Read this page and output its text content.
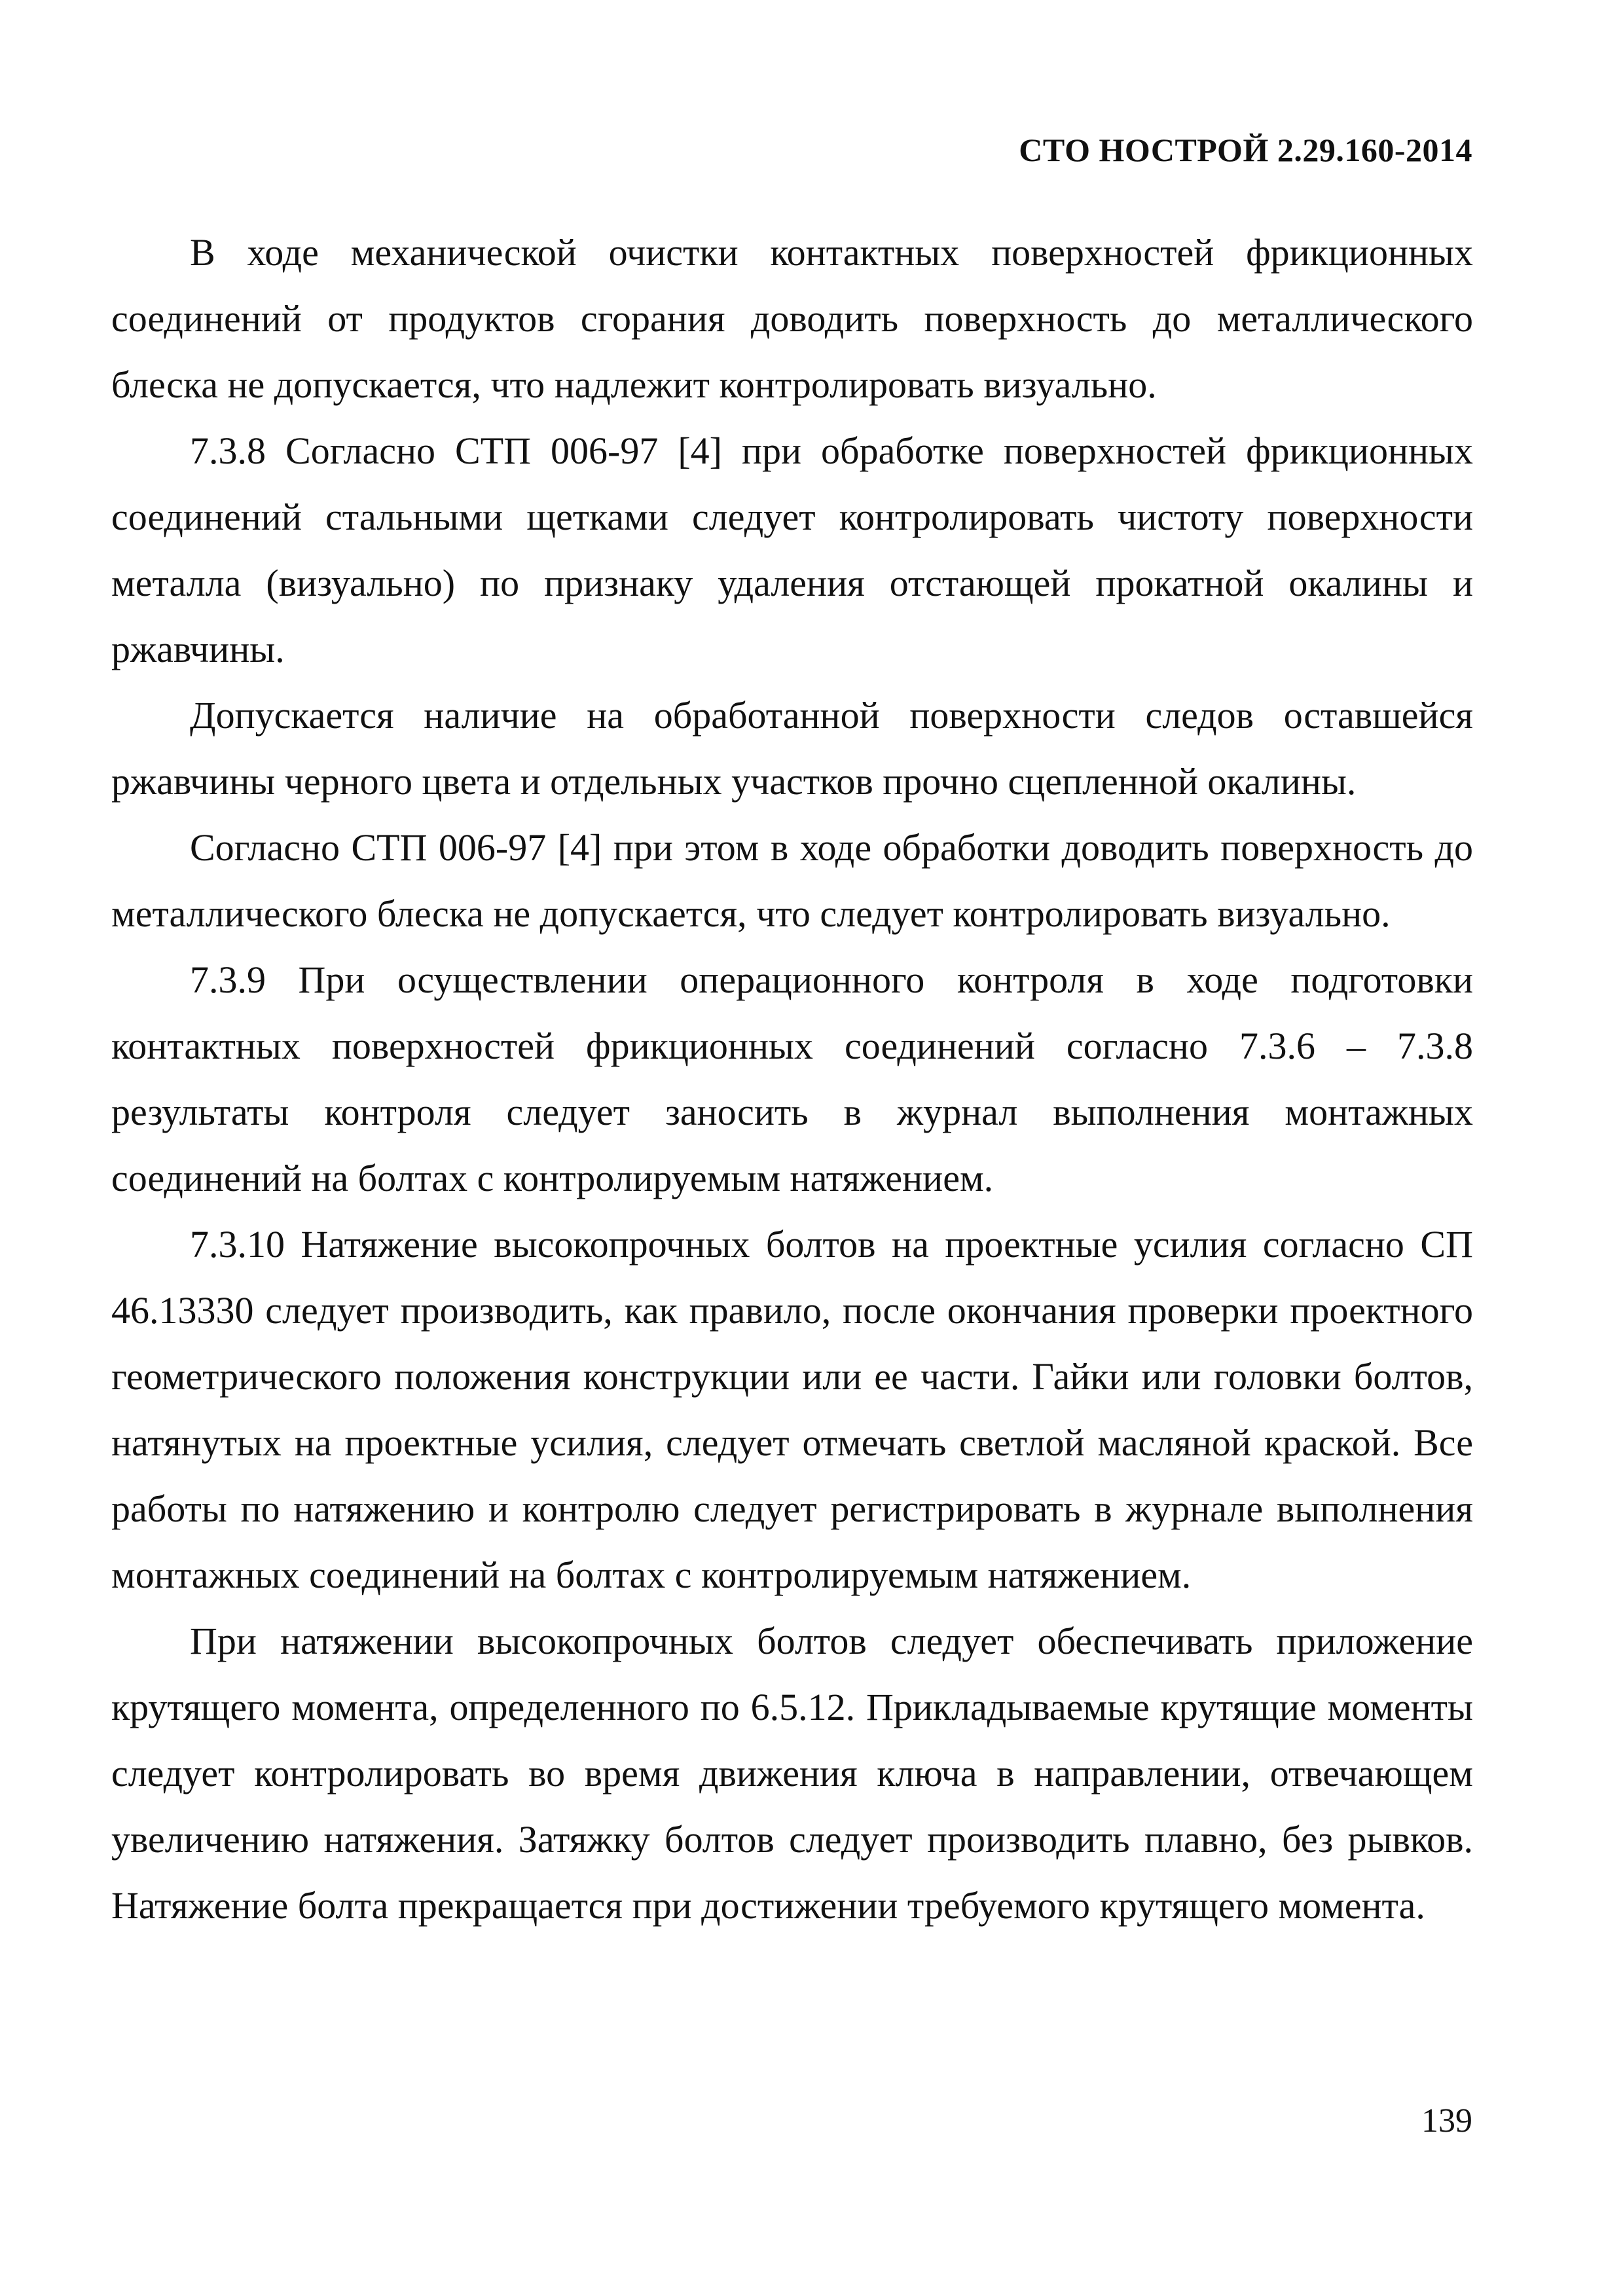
СТО НОСТРОЙ 2.29.160-2014

В ходе механической очистки контактных поверхностей фрикционных соединений от продуктов сгорания доводить поверхность до металлического блеска не допускается, что надлежит контролировать визуально.

7.3.8 Согласно СТП 006-97 [4] при обработке поверхностей фрикционных соединений стальными щетками следует контролировать чистоту поверхности металла (визуально) по признаку удаления отстающей прокатной окалины и ржавчины.

Допускается наличие на обработанной поверхности следов оставшейся ржавчины черного цвета и отдельных участков прочно сцепленной окалины.

Согласно СТП 006-97 [4] при этом в ходе обработки доводить поверхность до металлического блеска не допускается, что следует контролировать визуально.

7.3.9 При осуществлении операционного контроля в ходе подготовки контактных поверхностей фрикционных соединений согласно 7.3.6 – 7.3.8 результаты контроля следует заносить в журнал выполнения монтажных соединений на болтах с контролируемым натяжением.

7.3.10 Натяжение высокопрочных болтов на проектные усилия согласно СП 46.13330 следует производить, как правило, после окончания проверки проектного геометрического положения конструкции или ее части. Гайки или головки болтов, натянутых на проектные усилия, следует отмечать светлой масляной краской. Все работы по натяжению и контролю следует регистрировать в журнале выполнения монтажных соединений на болтах с контролируемым натяжением.

При натяжении высокопрочных болтов следует обеспечивать приложение крутящего момента, определенного по 6.5.12. Прикладываемые крутящие моменты следует контролировать во время движения ключа в направлении, отвечающем увеличению натяжения. Затяжку болтов следует производить плавно, без рывков. Натяжение болта прекращается при достижении требуемого крутящего момента.

139
